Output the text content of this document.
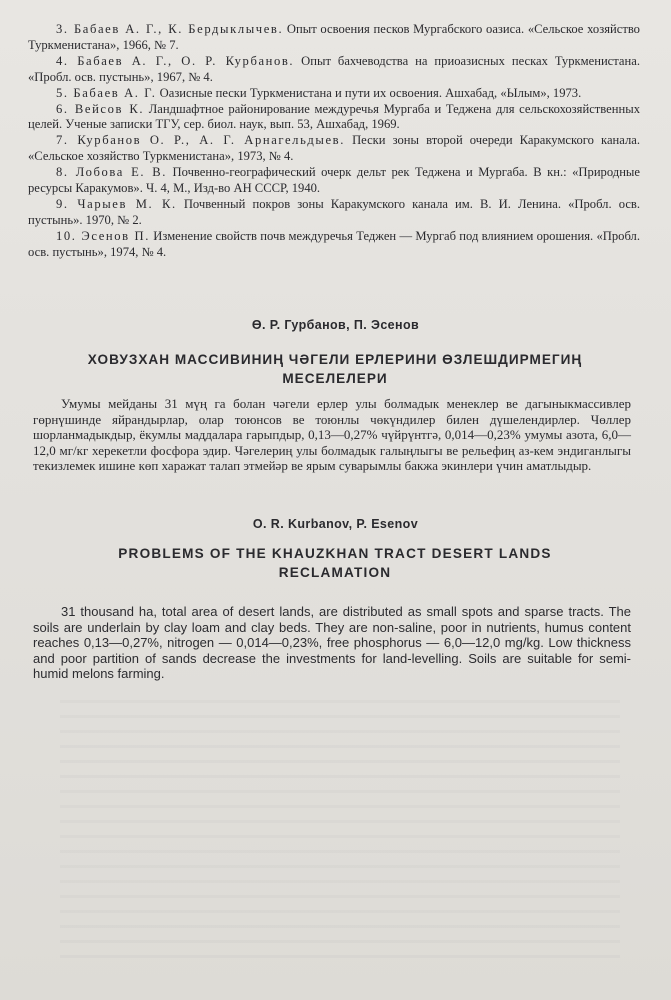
3. Бабаев А. Г., К. Бердыклычев. Опыт освоения песков Мургабского оазиса. «Сельское хозяйство Туркменистана», 1966, № 7.

4. Бабаев А. Г., О. Р. Курбанов. Опыт бахчеводства на приоазисных песках Туркменистана. «Пробл. осв. пустынь», 1967, № 4.

5. Бабаев А. Г. Оазисные пески Туркменистана и пути их освоения. Ашхабад, «Ылым», 1973.

6. Вейсов К. Ландшафтное районирование междуречья Мургаба и Теджена для сельскохозяйственных целей. Ученые записки ТГУ, сер. биол. наук, вып. 53, Ашхабад, 1969.

7. Курбанов О. Р., А. Г. Арнагельдыев. Пески зоны второй очереди Каракумского канала. «Сельское хозяйство Туркменистана», 1973, № 4.

8. Лобова Е. В. Почвенно-географический очерк дельт рек Теджена и Мургаба. В кн.: «Природные ресурсы Каракумов». Ч. 4, М., Изд-во АН СССР, 1940.

9. Чарыев М. К. Почвенный покров зоны Каракумского канала им. В. И. Ленина. «Пробл. осв. пустынь». 1970, № 2.

10. Эсенов П. Изменение свойств почв междуречья Теджен — Мургаб под влиянием орошения. «Пробл. осв. пустынь», 1974, № 4.

Ө. Р. Гурбанов, П. Эсенов
ХОВУЗХАН МАССИВИНИҢ ЧӘГЕЛИ ЕРЛЕРИНИ ӨЗЛЕШДИРМЕГИҢ
МЕСЕЛЕЛЕРИ

Умумы мейданы 31 мүң га болан чәгели ерлер улы болмадык менеклер ве дагыныкмассивлер гөрнүшинде яйрандырлар, олар тоюнсов ве тоюнлы чөкүндилер билен дүшелендирлер. Чөллер шорланмадыкдыр, ёкумлы маддалара гарыпдыр, 0,13—0,27% чүйрүнтгә, 0,014—0,23% умумы азота, 6,0—12,0 мг/кг херекетли фосфора эдир. Чәгелериң улы болмадык галыңлыгы ве рельефиң аз-кем эндиганлыгы текизлемек ишине көп харажат талап этмейәр ве ярым суварымлы бакжа экинлери үчин аматлыдыр.

O. R. Kurbanov, P. Esenov
PROBLEMS OF THE KHAUZKHAN TRACT DESERT LANDS
RECLAMATION

31 thousand ha, total area of desert lands, are distributed as small spots and sparse tracts. The soils are underlain by clay loam and clay beds. They are non-saline, poor in nutrients, humus content reaches 0,13—0,27%, nitrogen — 0,014—0,23%, free phosphorus — 6,0—12,0 mg/kg. Low thickness and poor partition of sands decrease the investments for land-levelling. Soils are suitable for semi-humid melons farming.
